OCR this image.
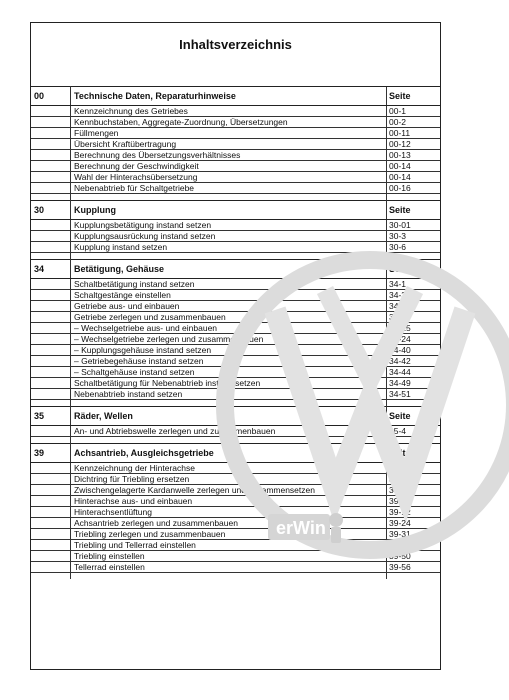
Inhaltsverzeichnis
00	Technische Daten, Reparaturhinweise	Seite
	Kennzeichnung des Getriebes	00-1
	Kennbuchstaben, Aggregate-Zuordnung, Übersetzungen	00-2
	Füllmengen	00-11
	Übersicht Kraftübertragung	00-12
	Berechnung des Übersetzungsverhältnisses	00-13
	Berechnung der Geschwindigkeit	00-14
	Wahl der Hinterachsübersetzung	00-14
	Nebenabtrieb für Schaltgetriebe	00-16

30	Kupplung	Seite
	Kupplungsbetätigung instand setzen	30-01
	Kupplungsausrückung instand setzen	30-3
	Kupplung instand setzen	30-6

34	Betätigung, Gehäuse	Seite
	Schaltbetätigung instand setzen	34-1
	Schaltgestänge einstellen	34-3
	Getriebe aus- und einbauen	34-11
	Getriebe zerlegen und zusammenbauen	34-15
	– Wechselgetriebe aus- und einbauen	34-15
	– Wechselgetriebe zerlegen und zusammenbauen	34-24
	– Kupplungsgehäuse instand setzen	34-40
	– Getriebegehäuse instand setzen	34-42
	– Schaltgehäuse instand setzen	34-44
	Schaltbetätigung für Nebenabtrieb instand setzen	34-49
	Nebenabtrieb instand setzen	34-51

35	Räder, Wellen	Seite
	An- und Abtriebswelle zerlegen und zusammenbauen	35-4

39	Achsantrieb, Ausgleichsgetriebe	Seite
	Kennzeichnung der Hinterachse	39-1
	Dichtring für Triebling ersetzen	39-2
	Zwischengelagerte Kardanwelle zerlegen und zusammensetzen	39-5
	Hinterachse aus- und einbauen	39-10
	Hinterachsentlüftung	39-12
	Achsantrieb zerlegen und zusammenbauen	39-24
	Triebling zerlegen und zusammenbauen	39-31
	Triebling und Tellerrad einstellen	39-45
	Triebling einstellen	39-50
	Tellerrad einstellen	39-56

erWin
